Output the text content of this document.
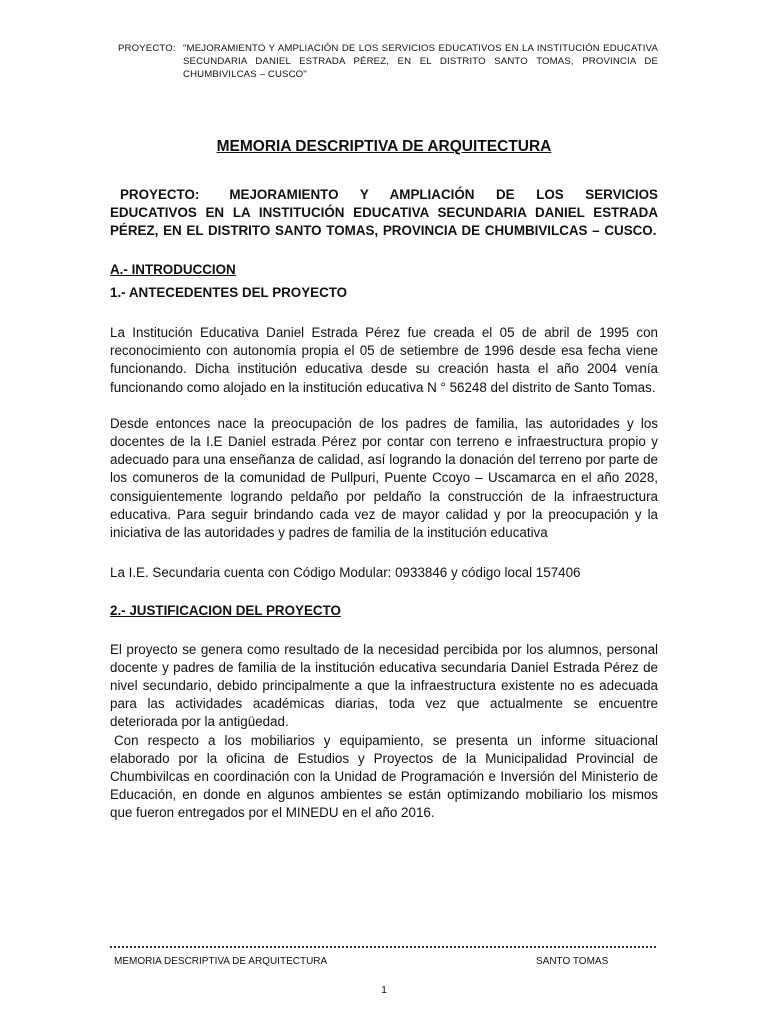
PROYECTO: "MEJORAMIENTO Y AMPLIACIÓN DE LOS SERVICIOS EDUCATIVOS EN LA INSTITUCIÓN EDUCATIVA SECUNDARIA DANIEL ESTRADA PÉREZ, EN EL DISTRITO SANTO TOMAS, PROVINCIA DE CHUMBIVILCAS – CUSCO"
MEMORIA DESCRIPTIVA DE ARQUITECTURA

PROYECTO: MEJORAMIENTO Y AMPLIACIÓN DE LOS SERVICIOS EDUCATIVOS EN LA INSTITUCIÓN EDUCATIVA SECUNDARIA DANIEL ESTRADA PÉREZ, EN EL DISTRITO SANTO TOMAS, PROVINCIA DE CHUMBIVILCAS – CUSCO.

A.- INTRODUCCION

1.- ANTECEDENTES DEL PROYECTO

La Institución Educativa Daniel Estrada Pérez fue creada el 05 de abril de 1995 con reconocimiento con autonomía propia el 05 de setiembre de 1996 desde esa fecha viene funcionando. Dicha institución educativa desde su creación hasta el año 2004 venía funcionando como alojado en la institución educativa N ° 56248 del distrito de Santo Tomas.

Desde entonces nace la preocupación de los padres de familia, las autoridades y los docentes de la I.E Daniel estrada Pérez por contar con terreno e infraestructura propio y adecuado para una enseñanza de calidad, así logrando la donación del terreno por parte de los comuneros de la comunidad de Pullpuri, Puente Ccoyo – Uscamarca en el año 2028, consiguientemente logrando peldaño por peldaño la construcción de la infraestructura educativa. Para seguir brindando cada vez de mayor calidad y por la preocupación y la iniciativa de las autoridades y padres de familia de la institución educativa

La I.E. Secundaria cuenta con Código Modular: 0933846 y código local 157406

2.- JUSTIFICACION DEL PROYECTO

El proyecto se genera como resultado de la necesidad percibida por los alumnos, personal docente y padres de familia de la institución educativa secundaria Daniel Estrada Pérez de nivel secundario, debido principalmente a que la infraestructura existente no es adecuada para las actividades académicas diarias, toda vez que actualmente se encuentre deteriorada por la antigüedad.

Con respecto a los mobiliarios y equipamiento, se presenta un informe situacional elaborado por la oficina de Estudios y Proyectos de la Municipalidad Provincial de Chumbivilcas en coordinación con la Unidad de Programación e Inversión del Ministerio de Educación, en donde en algunos ambientes se están optimizando mobiliario los mismos que fueron entregados por el MINEDU en el año 2016.

MEMORIA DESCRIPTIVA DE ARQUITECTURA	SANTO TOMAS
1
